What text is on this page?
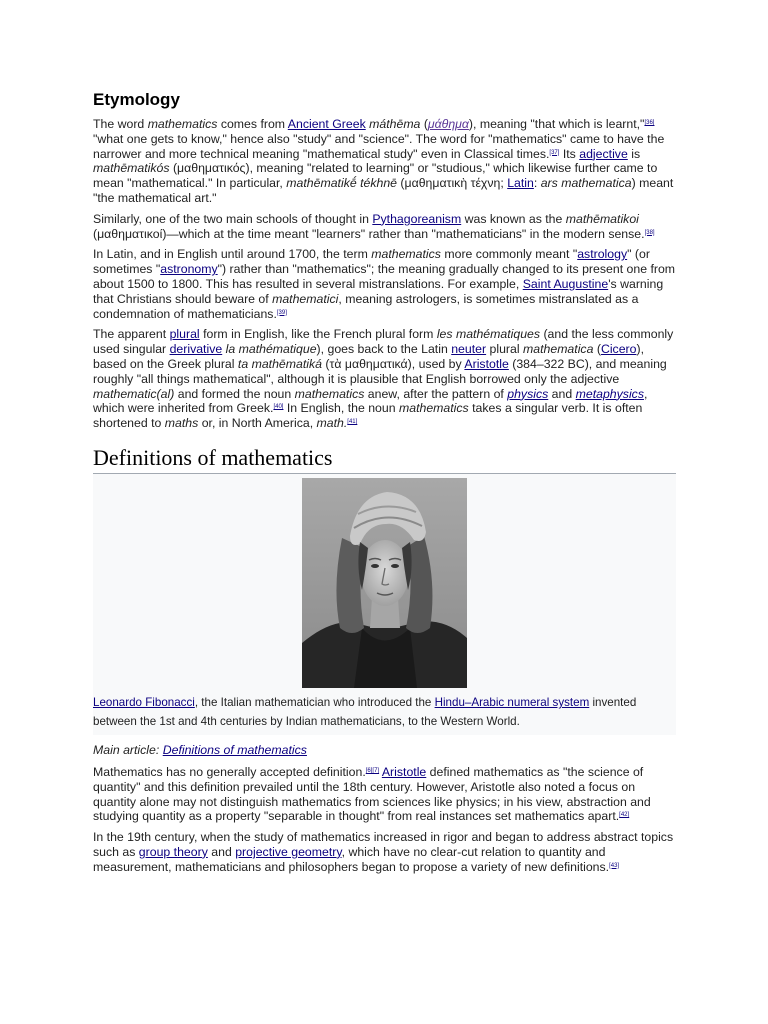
Etymology

The word mathematics comes from Ancient Greek máthēma (μάθημα), meaning "that which is learnt,"[36] "what one gets to know," hence also "study" and "science". The word for "mathematics" came to have the narrower and more technical meaning "mathematical study" even in Classical times.[37] Its adjective is mathēmatikós (μαθηματικός), meaning "related to learning" or "studious," which likewise further came to mean "mathematical." In particular, mathēmatikḗ tékhnē (μαθηματικὴ τέχνη; Latin: ars mathematica) meant "the mathematical art."

Similarly, one of the two main schools of thought in Pythagoreanism was known as the mathēmatikoi (μαθηματικοί)—which at the time meant "learners" rather than "mathematicians" in the modern sense.[38]

In Latin, and in English until around 1700, the term mathematics more commonly meant "astrology" (or sometimes "astronomy") rather than "mathematics"; the meaning gradually changed to its present one from about 1500 to 1800. This has resulted in several mistranslations. For example, Saint Augustine's warning that Christians should beware of mathematici, meaning astrologers, is sometimes mistranslated as a condemnation of mathematicians.[39]

The apparent plural form in English, like the French plural form les mathématiques (and the less commonly used singular derivative la mathématique), goes back to the Latin neuter plural mathematica (Cicero), based on the Greek plural ta mathēmatiká (τὰ μαθηματικά), used by Aristotle (384–322 BC), and meaning roughly "all things mathematical", although it is plausible that English borrowed only the adjective mathematic(al) and formed the noun mathematics anew, after the pattern of physics and metaphysics, which were inherited from Greek.[40] In English, the noun mathematics takes a singular verb. It is often shortened to maths or, in North America, math.[41]

Definitions of mathematics

Leonardo Fibonacci, the Italian mathematician who introduced the Hindu–Arabic numeral system invented between the 1st and 4th centuries by Indian mathematicians, to the Western World.

Main article: Definitions of mathematics

Mathematics has no generally accepted definition.[6][7] Aristotle defined mathematics as "the science of quantity" and this definition prevailed until the 18th century. However, Aristotle also noted a focus on quantity alone may not distinguish mathematics from sciences like physics; in his view, abstraction and studying quantity as a property "separable in thought" from real instances set mathematics apart.[42]

In the 19th century, when the study of mathematics increased in rigor and began to address abstract topics such as group theory and projective geometry, which have no clear-cut relation to quantity and measurement, mathematicians and philosophers began to propose a variety of new definitions.[43]
